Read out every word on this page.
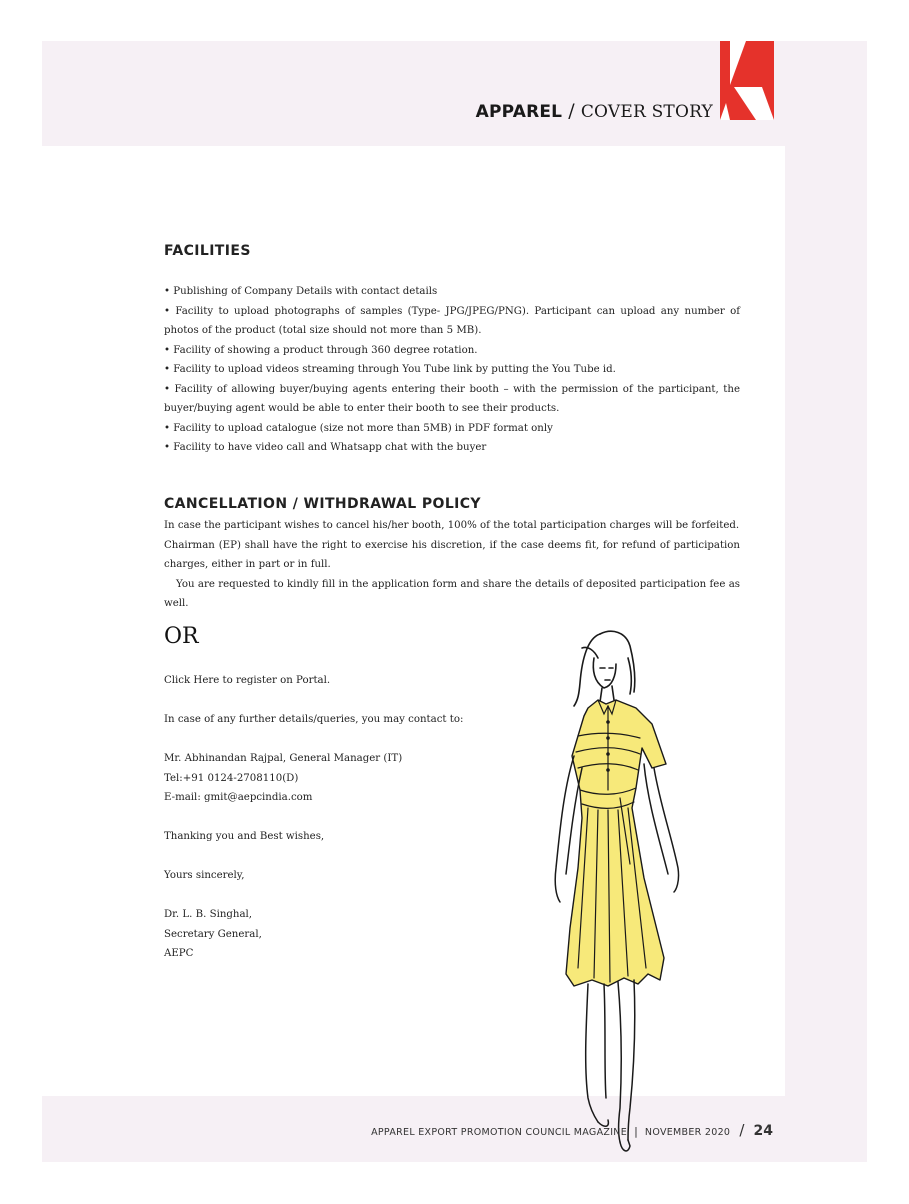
APPAREL / COVER STORY
FACILITIES

• Publishing of Company Details with contact details

• Facility to upload photographs of samples (Type- JPG/JPEG/PNG). Participant can upload any number of photos of the product (total size should not more than 5 MB).

• Facility of showing a product through 360 degree rotation.

• Facility to upload videos streaming through You Tube link by putting the You Tube id.

• Facility of allowing buyer/buying agents entering their booth – with the permission of the participant, the buyer/buying agent would be able to enter their booth to see their products.

• Facility to upload catalogue (size not more than 5MB) in PDF format only

• Facility to have video call and Whatsapp chat with the buyer

CANCELLATION / WITHDRAWAL POLICY

In case the participant wishes to cancel his/her booth, 100% of the total participation charges will be forfeited.

Chairman (EP) shall have the right to exercise his discretion, if the case deems fit, for refund of participation charges, either in part or in full.

You are requested to kindly fill in the application form and share the details of deposited participation fee as well.

OR

Click Here to register on Portal.

In case of any further details/queries, you may contact to:

Mr. Abhinandan Rajpal, General Manager (IT)

Tel:+91 0124-2708110(D)

E-mail: gmit@aepcindia.com

Thanking you and Best wishes,

Yours sincerely,

Dr. L. B. Singhal,

Secretary General,

AEPC

APPAREL EXPORT PROMOTION COUNCIL MAGAZINE | NOVEMBER 2020 / 24
